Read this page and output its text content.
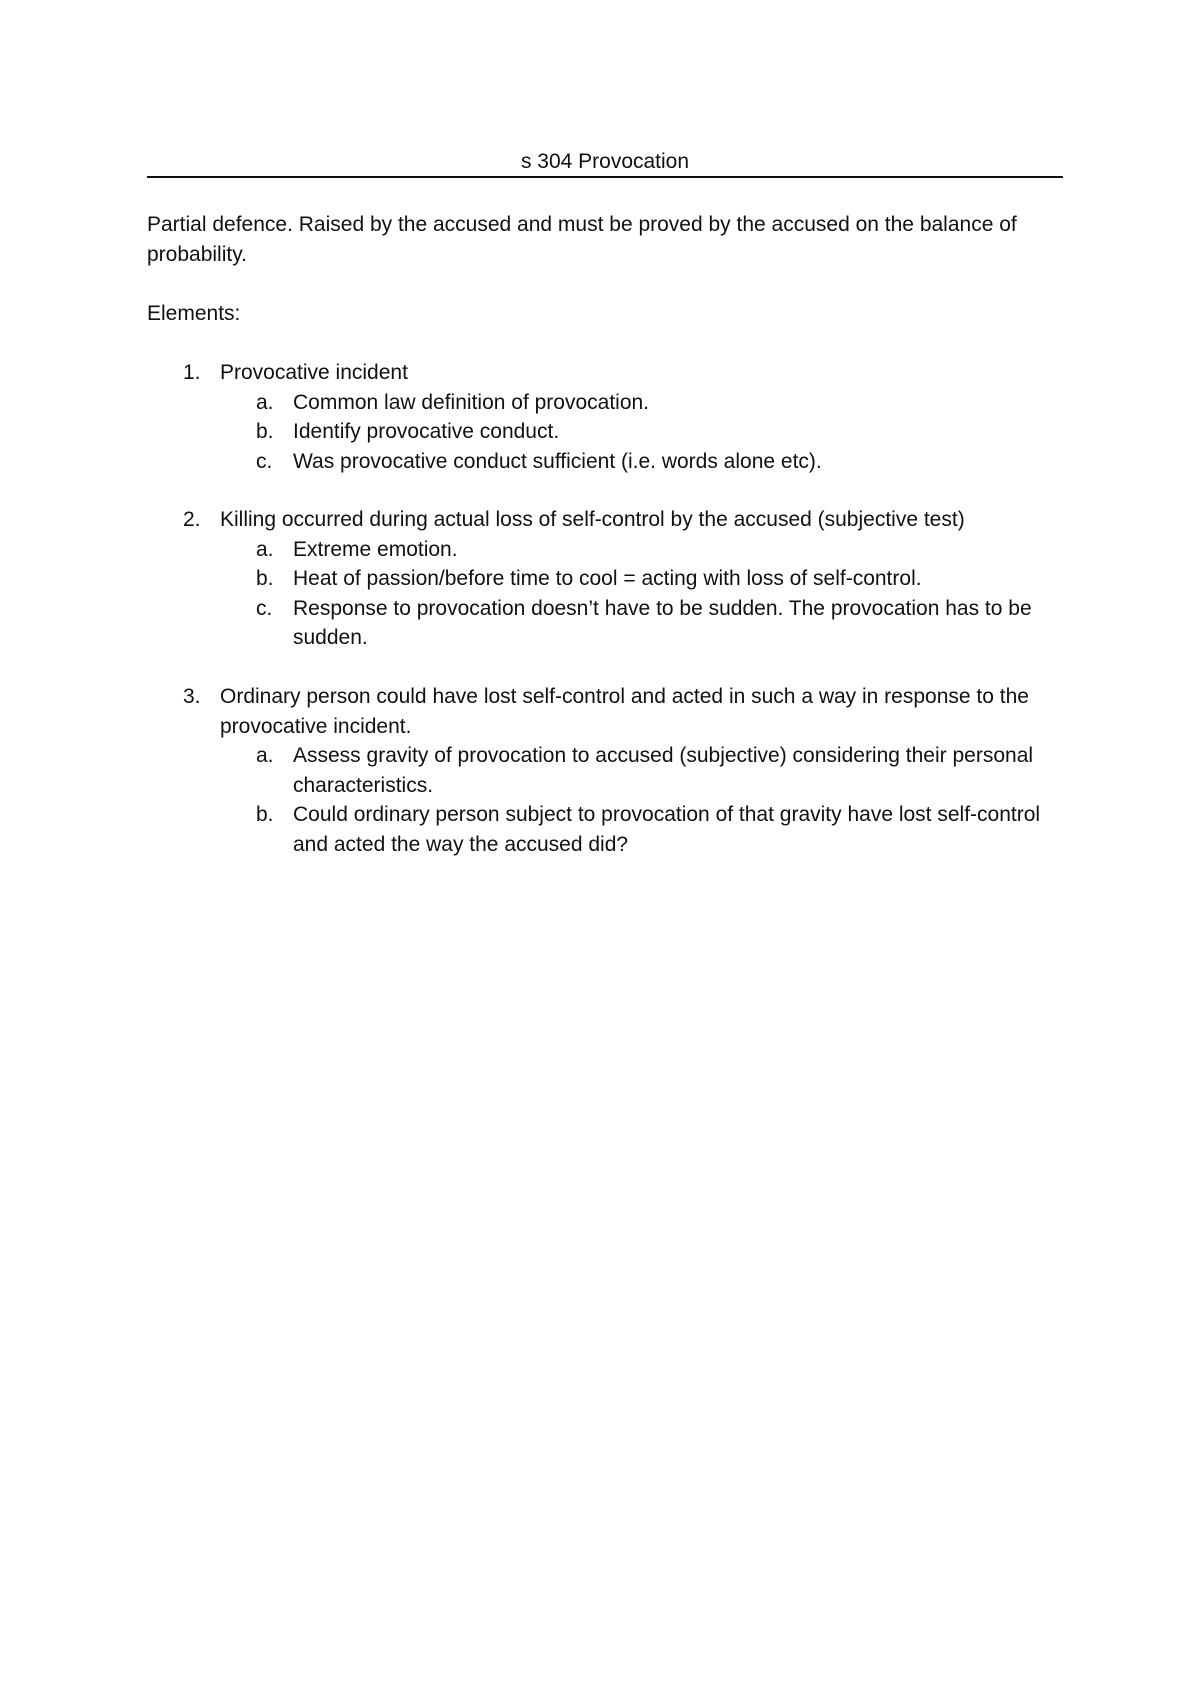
s 304 Provocation
Partial defence. Raised by the accused and must be proved by the accused on the balance of probability.
Elements:
1. Provocative incident
a. Common law definition of provocation.
b. Identify provocative conduct.
c. Was provocative conduct sufficient (i.e. words alone etc).
2. Killing occurred during actual loss of self-control by the accused (subjective test)
a. Extreme emotion.
b. Heat of passion/before time to cool = acting with loss of self-control.
c. Response to provocation doesn’t have to be sudden. The provocation has to be sudden.
3. Ordinary person could have lost self-control and acted in such a way in response to the provocative incident.
a. Assess gravity of provocation to accused (subjective) considering their personal characteristics.
b. Could ordinary person subject to provocation of that gravity have lost self-control and acted the way the accused did?
